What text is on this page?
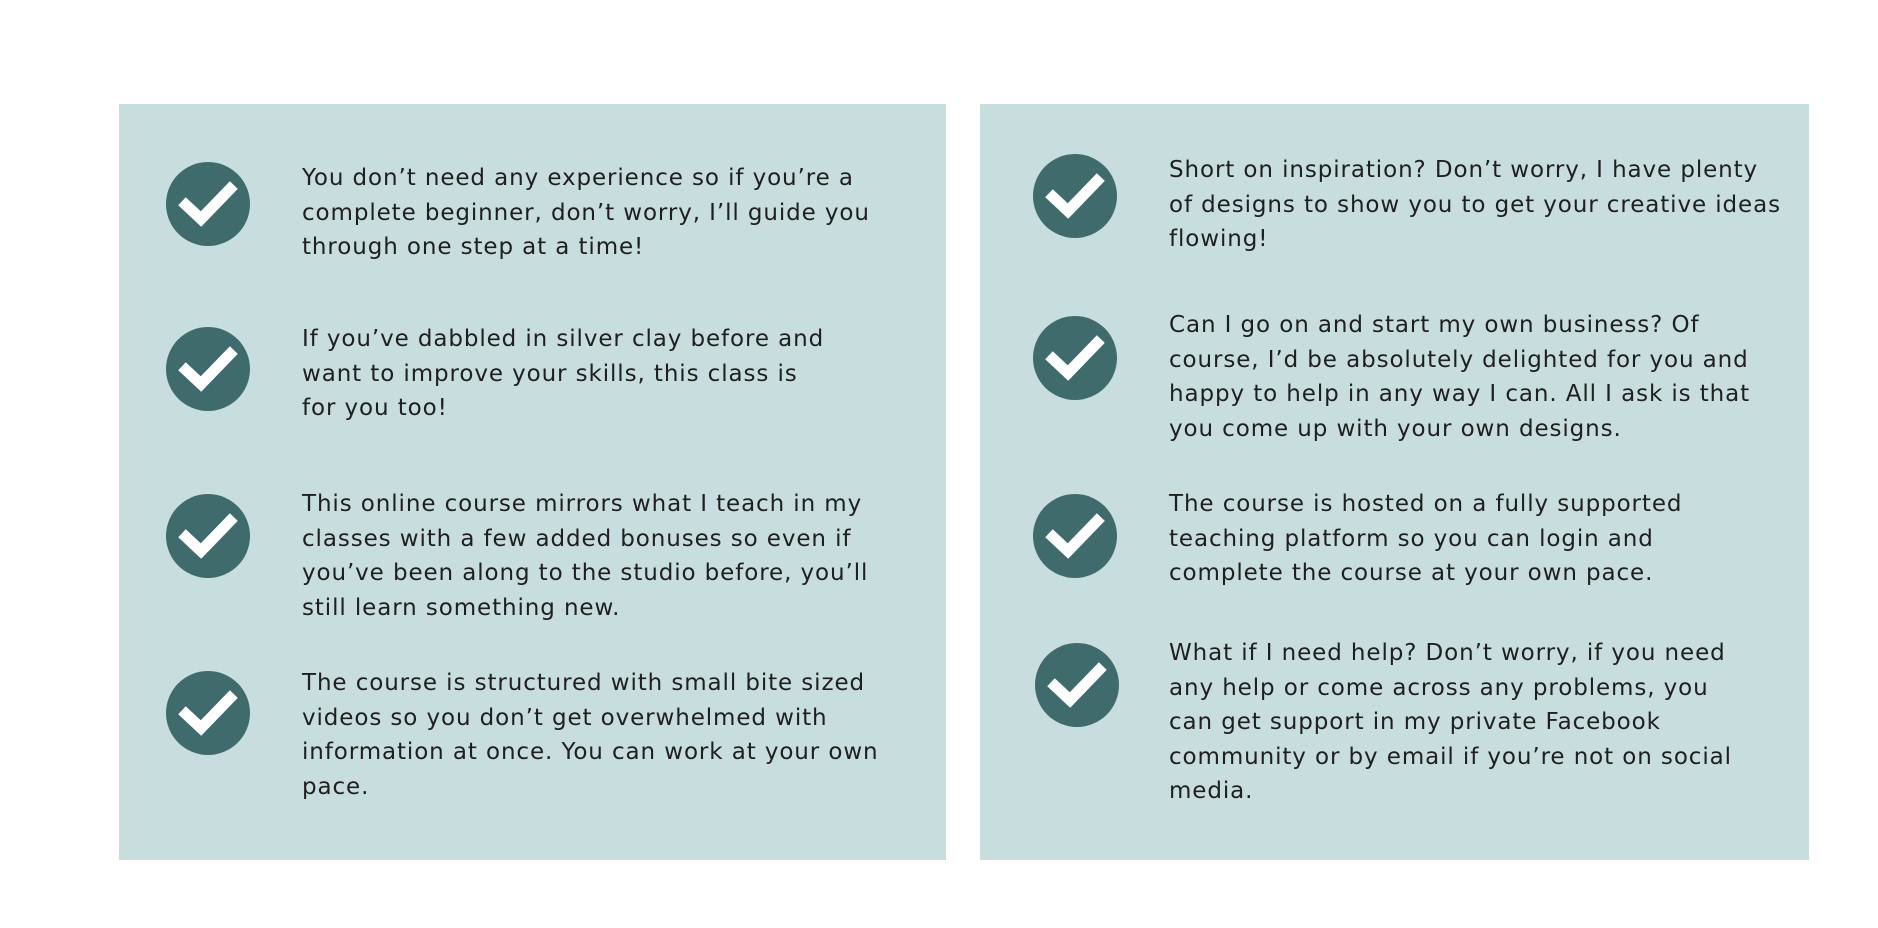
You don’t need any experience so if you’re a
complete beginner, don’t worry, I’ll guide you
through one step at a time!

If you’ve dabbled in silver clay before and
want to improve your skills, this class is
for you too!

This online course mirrors what I teach in my
classes with a few added bonuses so even if
you’ve been along to the studio before, you’ll
still learn something new.

The course is structured with small bite sized
videos so you don’t get overwhelmed with
information at once. You can work at your own
pace.

Short on inspiration? Don’t worry, I have plenty
of designs to show you to get your creative ideas
flowing!

Can I go on and start my own business? Of
course, I’d be absolutely delighted for you and
happy to help in any way I can. All I ask is that
you come up with your own designs.

The course is hosted on a fully supported
teaching platform so you can login and
complete the course at your own pace.

What if I need help? Don’t worry, if you need
any help or come across any problems, you
can get support in my private Facebook
community or by email if you’re not on social
media.
